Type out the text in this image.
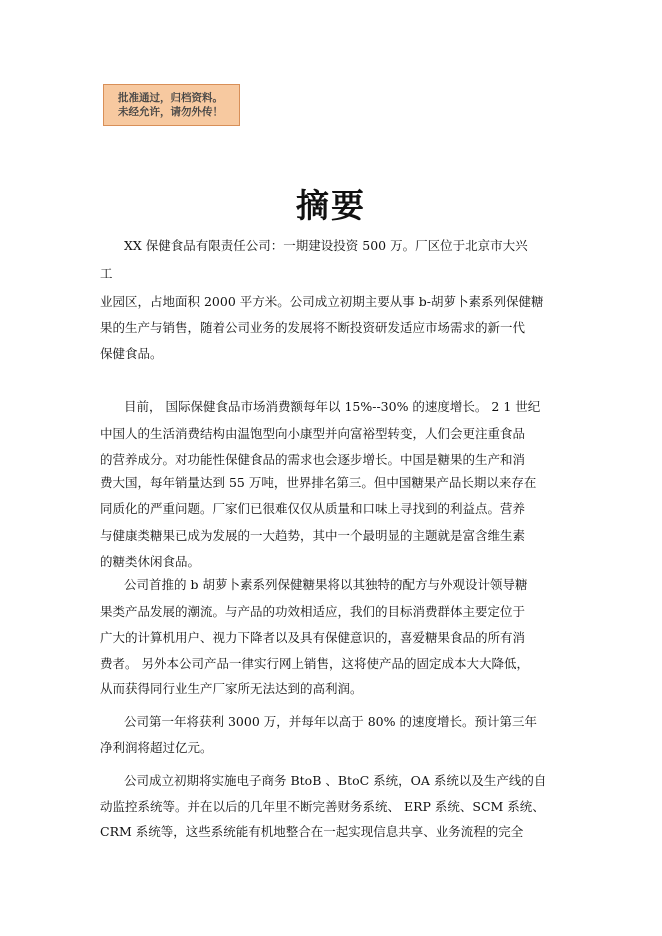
批准通过，归档资料。
未经允许，请勿外传！
摘要
XX 保健食品有限责任公司：一期建设投资 500 万。厂区位于北京市大兴
工
业园区，占地面积 2000 平方米。公司成立初期主要从事 b-胡萝卜素系列保健糖
果的生产与销售，随着公司业务的发展将不断投资研发适应市场需求的新一代
保健食品。
目前， 国际保健食品市场消费额每年以 15%--30% 的速度增长。 2 1 世纪
中国人的生活消费结构由温饱型向小康型并向富裕型转变，人们会更注重食品
的营养成分。对功能性保健食品的需求也会逐步增长。中国是糖果的生产和消
费大国，每年销量达到 55 万吨，世界排名第三。但中国糖果产品长期以来存在
同质化的严重问题。厂家们已很难仅仅从质量和口味上寻找到的利益点。营养
与健康类糖果已成为发展的一大趋势，其中一个最明显的主题就是富含维生素
的糖类休闲食品。
公司首推的 b 胡萝卜素系列保健糖果将以其独特的配方与外观设计领导糖
果类产品发展的潮流。与产品的功效相适应，我们的目标消费群体主要定位于
广大的计算机用户、视力下降者以及具有保健意识的，喜爱糖果食品的所有消
费者。 另外本公司产品一律实行网上销售，这将使产品的固定成本大大降低，
从而获得同行业生产厂家所无法达到的高利润。
公司第一年将获利 3000 万，并每年以高于 80% 的速度增长。预计第三年
净利润将超过亿元。
公司成立初期将实施电子商务 BtoB 、BtoC 系统，OA 系统以及生产线的自
动监控系统等。并在以后的几年里不断完善财务系统、 ERP 系统、SCM 系统、
CRM 系统等，这些系统能有机地整合在一起实现信息共享、业务流程的完全
